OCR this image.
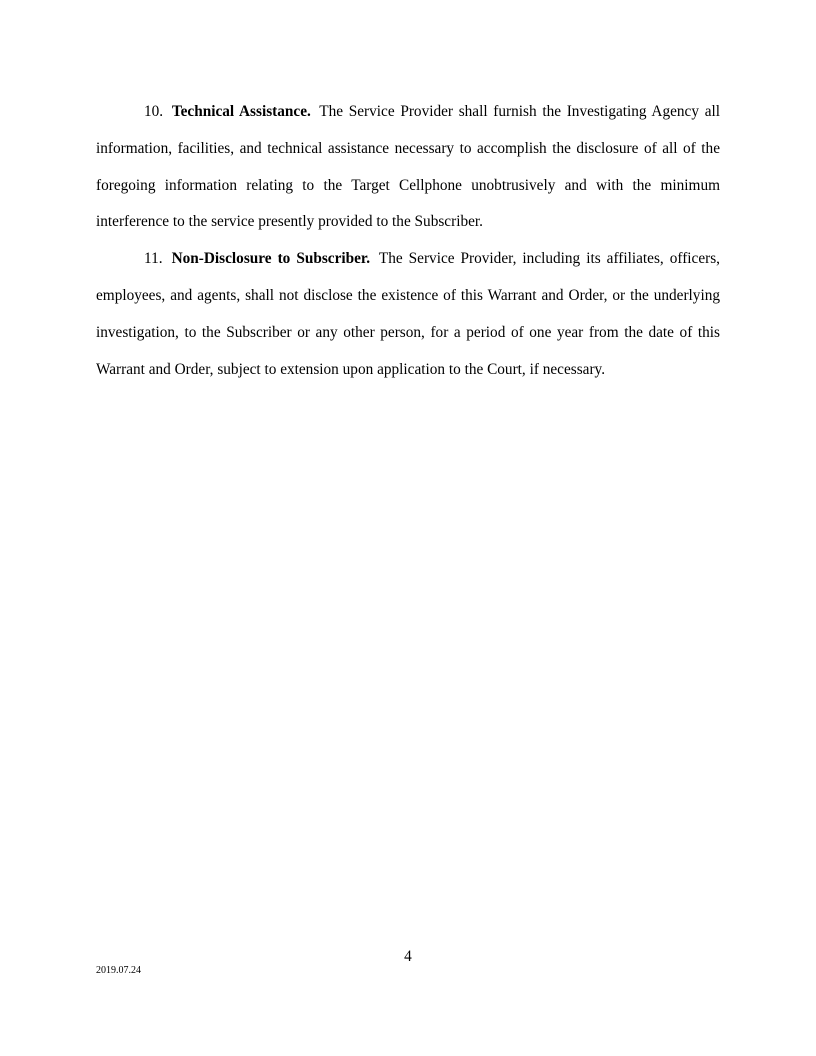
10. Technical Assistance. The Service Provider shall furnish the Investigating Agency all information, facilities, and technical assistance necessary to accomplish the disclosure of all of the foregoing information relating to the Target Cellphone unobtrusively and with the minimum interference to the service presently provided to the Subscriber.

11. Non-Disclosure to Subscriber. The Service Provider, including its affiliates, officers, employees, and agents, shall not disclose the existence of this Warrant and Order, or the underlying investigation, to the Subscriber or any other person, for a period of one year from the date of this Warrant and Order, subject to extension upon application to the Court, if necessary.

4
2019.07.24
